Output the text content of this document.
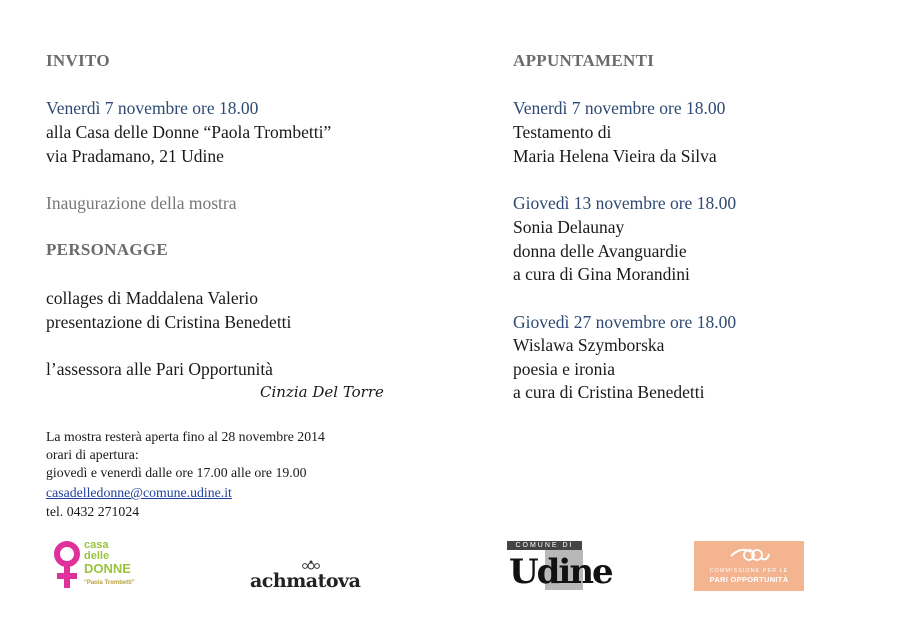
INVITO
Venerdì 7 novembre ore 18.00
alla Casa delle Donne “Paola Trombetti”
via Pradamano, 21 Udine
Inaugurazione della mostra
PERSONAGGE
collages di Maddalena Valerio
presentazione di Cristina Benedetti
l’assessora alle Pari Opportunità
Cinzia Del Torre
La mostra resterà aperta fino al 28 novembre 2014
orari di apertura:
giovedì e venerdì dalle ore 17.00 alle ore 19.00
casadelledonne@comune.udine.it
tel. 0432 271024
APPUNTAMENTI
Venerdì 7 novembre ore 18.00
Testamento di
Maria Helena Vieira da Silva
Giovedì 13 novembre ore 18.00
Sonia Delaunay
donna delle Avanguardie
a cura di Gina Morandini
Giovedì 27 novembre ore 18.00
Wislawa Szymborska
poesia e ironia
a cura di Cristina Benedetti
casa
delle
DONNE
"Paola Trombetti"	achmatova
COMUNE DI
Udine	COMMISSIONE PER LE
PARI OPPORTUNITÀ
